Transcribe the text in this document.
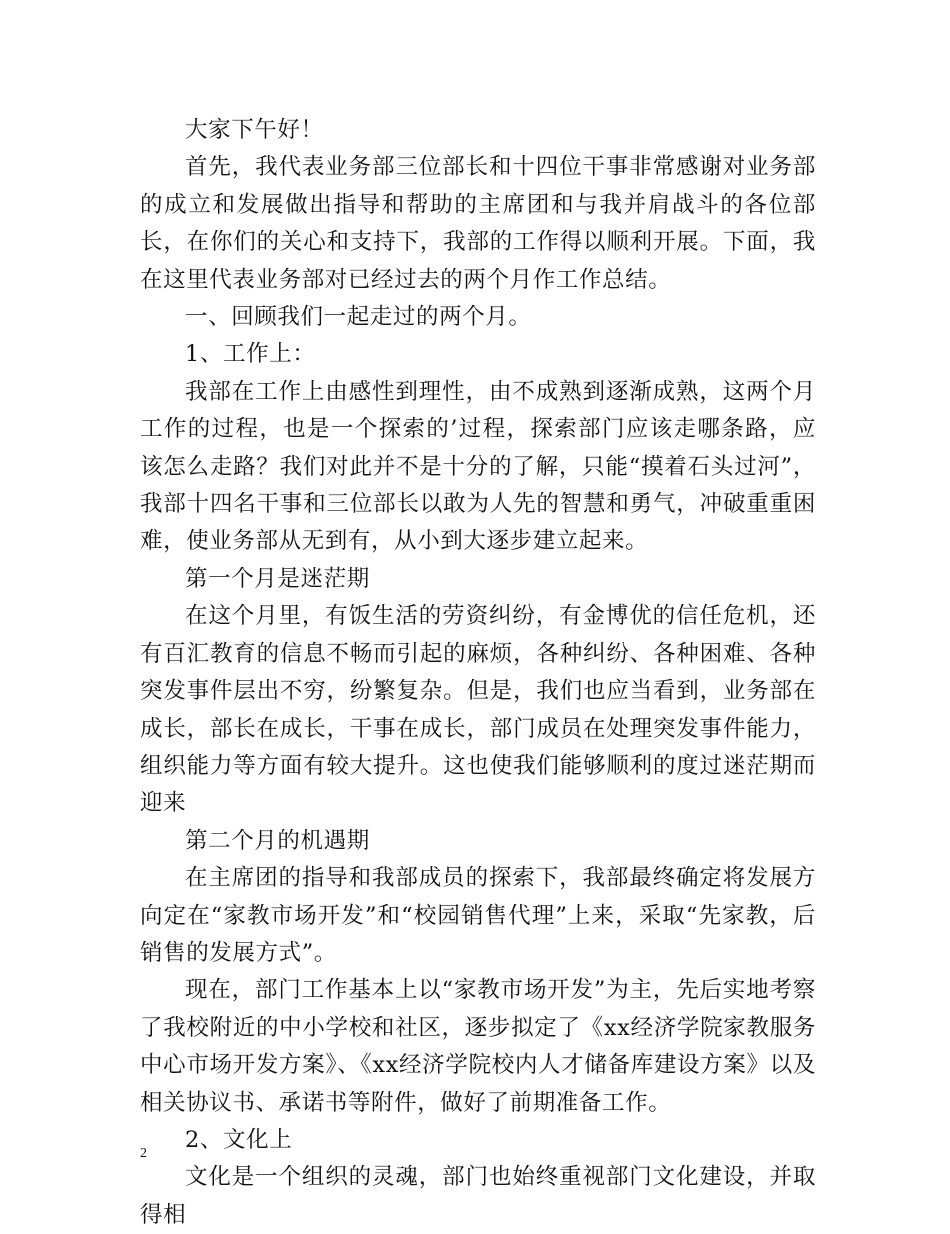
大家下午好！

首先，我代表业务部三位部长和十四位干事非常感谢对业务部的成立和发展做出指导和帮助的主席团和与我并肩战斗的各位部长，在你们的关心和支持下，我部的工作得以顺利开展。下面，我在这里代表业务部对已经过去的两个月作工作总结。

一、回顾我们一起走过的两个月。

1、工作上：

我部在工作上由感性到理性，由不成熟到逐渐成熟，这两个月工作的过程，也是一个探索的’过程，探索部门应该走哪条路，应该怎么走路？我们对此并不是十分的了解，只能“摸着石头过河”，我部十四名干事和三位部长以敢为人先的智慧和勇气，冲破重重困难，使业务部从无到有，从小到大逐步建立起来。

第一个月是迷茫期

在这个月里，有饭生活的劳资纠纷，有金博优的信任危机，还有百汇教育的信息不畅而引起的麻烦，各种纠纷、各种困难、各种突发事件层出不穷，纷繁复杂。但是，我们也应当看到，业务部在成长，部长在成长，干事在成长，部门成员在处理突发事件能力，组织能力等方面有较大提升。这也使我们能够顺利的度过迷茫期而迎来

第二个月的机遇期

在主席团的指导和我部成员的探索下，我部最终确定将发展方向定在“家教市场开发”和“校园销售代理”上来，采取“先家教，后销售的发展方式”。

现在，部门工作基本上以“家教市场开发”为主，先后实地考察了我校附近的中小学校和社区，逐步拟定了《xx经济学院家教服务中心市场开发方案》、《xx经济学院校内人才储备库建设方案》以及相关协议书、承诺书等附件，做好了前期准备工作。

2、文化上

文化是一个组织的灵魂，部门也始终重视部门文化建设，并取得相

2
